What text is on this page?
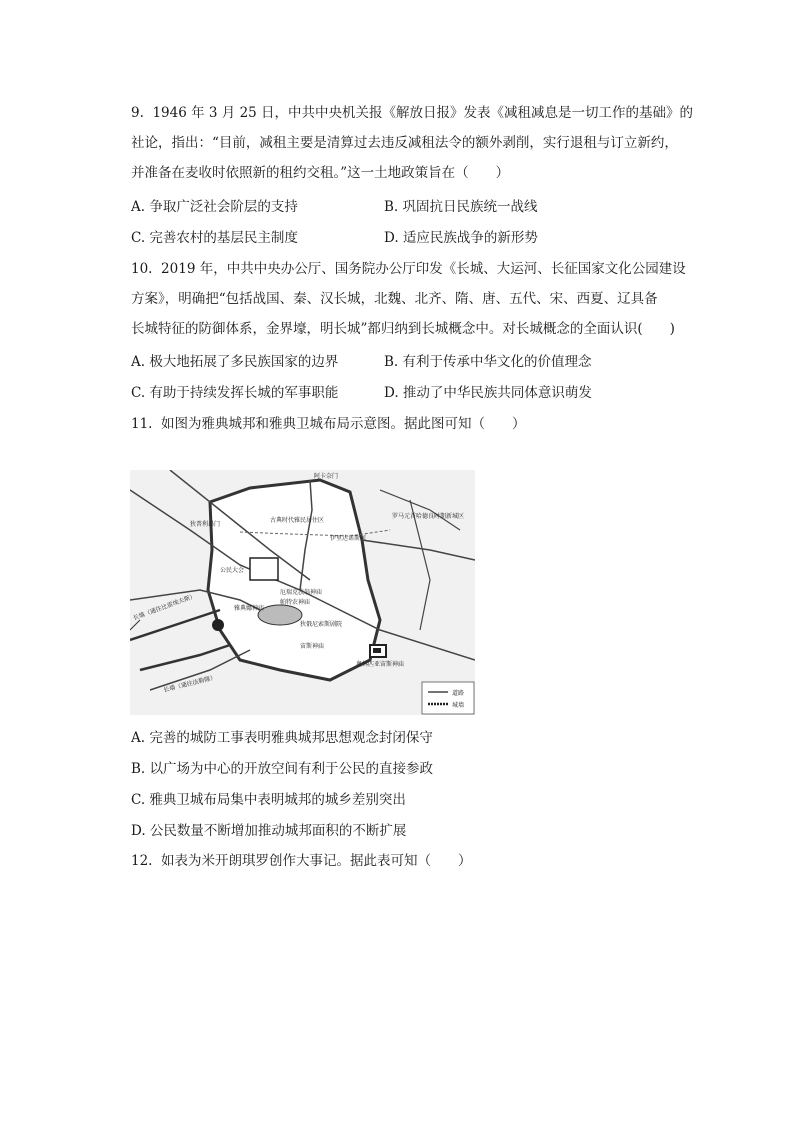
9.  1946 年 3 月 25 日，中共中央机关报《解放日报》发表《减租减息是一切工作的基础》的
社论，指出：“目前，减租主要是清算过去违反减租法令的额外剥削，实行退租与订立新约，
并准备在麦收时依照新的租约交租。”这一土地政策旨在（　　）
A. 争取广泛社会阶层的支持	B. 巩固抗日民族统一战线
C. 完善农村的基层民主制度	D. 适应民族战争的新形势
10.  2019 年，中共中央办公厅、国务院办公厅印发《长城、大运河、长征国家文化公园建设
方案》，明确把“包括战国、秦、汉长城，北魏、北齐、隋、唐、五代、宋、西夏、辽具备
长城特征的防御体系，金界壕，明长城”都归纳到长城概念中。对长城概念的全面认识(　　)
A. 极大地拓展了多民族国家的边界	B. 有利于传承中华文化的价值理念
C. 有助于持续发挥长城的军事职能	D. 推动了中华民族共同体意识萌发
11.  如图为雅典城邦和雅典卫城布局示意图。据此图可知（　　）
阿卡奈门
古典时代雅民居住区
罗马元首哈德良时期新城区
狄普利昂门
伊里达诺斯河
公民大会
雅典娜神庙
厄瑞克忒翁神庙
帕特农神庙
狄俄尼索斯剧院
宙斯神庙
奥林匹亚宙斯神庙
长墙（通往比雷埃夫斯）
长墙（通往法勒隆）	道路
城墙
A. 完善的城防工事表明雅典城邦思想观念封闭保守
B. 以广场为中心的开放空间有利于公民的直接参政
C. 雅典卫城布局集中表明城邦的城乡差别突出
D. 公民数量不断增加推动城邦面积的不断扩展
12.  如表为米开朗琪罗创作大事记。据此表可知（　　）
